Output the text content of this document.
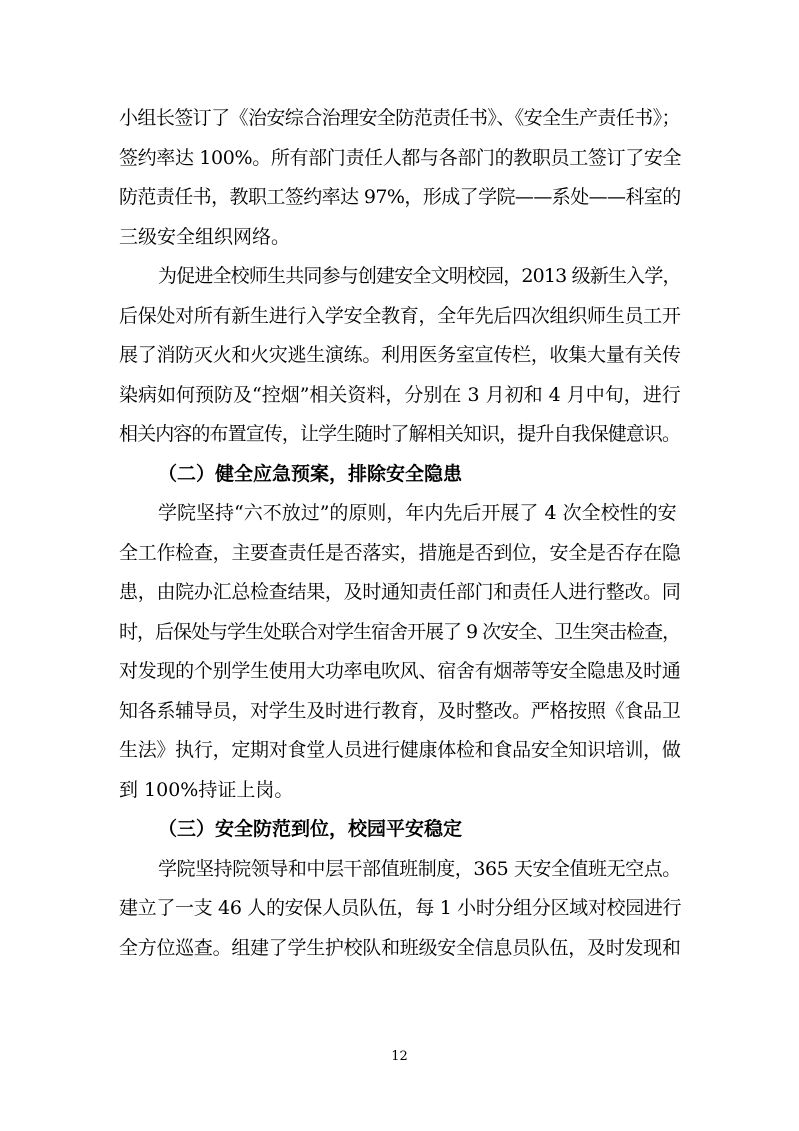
小组长签订了《治安综合治理安全防范责任书》、《安全生产责任书》；
签约率达 100%。所有部门责任人都与各部门的教职员工签订了安全
防范责任书，教职工签约率达 97%，形成了学院——系处——科室的
三级安全组织网络。

为促进全校师生共同参与创建安全文明校园，2013 级新生入学，
后保处对所有新生进行入学安全教育，全年先后四次组织师生员工开
展了消防灭火和火灾逃生演练。利用医务室宣传栏，收集大量有关传
染病如何预防及“控烟”相关资料，分别在 3 月初和 4 月中旬，进行
相关内容的布置宣传，让学生随时了解相关知识，提升自我保健意识。

（二）健全应急预案，排除安全隐患

学院坚持“六不放过”的原则，年内先后开展了 4 次全校性的安
全工作检查，主要查责任是否落实，措施是否到位，安全是否存在隐
患，由院办汇总检查结果，及时通知责任部门和责任人进行整改。同
时，后保处与学生处联合对学生宿舍开展了 9 次安全、卫生突击检查，
对发现的个别学生使用大功率电吹风、宿舍有烟蒂等安全隐患及时通
知各系辅导员，对学生及时进行教育，及时整改。严格按照《食品卫
生法》执行，定期对食堂人员进行健康体检和食品安全知识培训，做
到 100%持证上岗。

（三）安全防范到位，校园平安稳定

学院坚持院领导和中层干部值班制度，365 天安全值班无空点。
建立了一支 46 人的安保人员队伍，每 1 小时分组分区域对校园进行
全方位巡查。组建了学生护校队和班级安全信息员队伍，及时发现和

12
